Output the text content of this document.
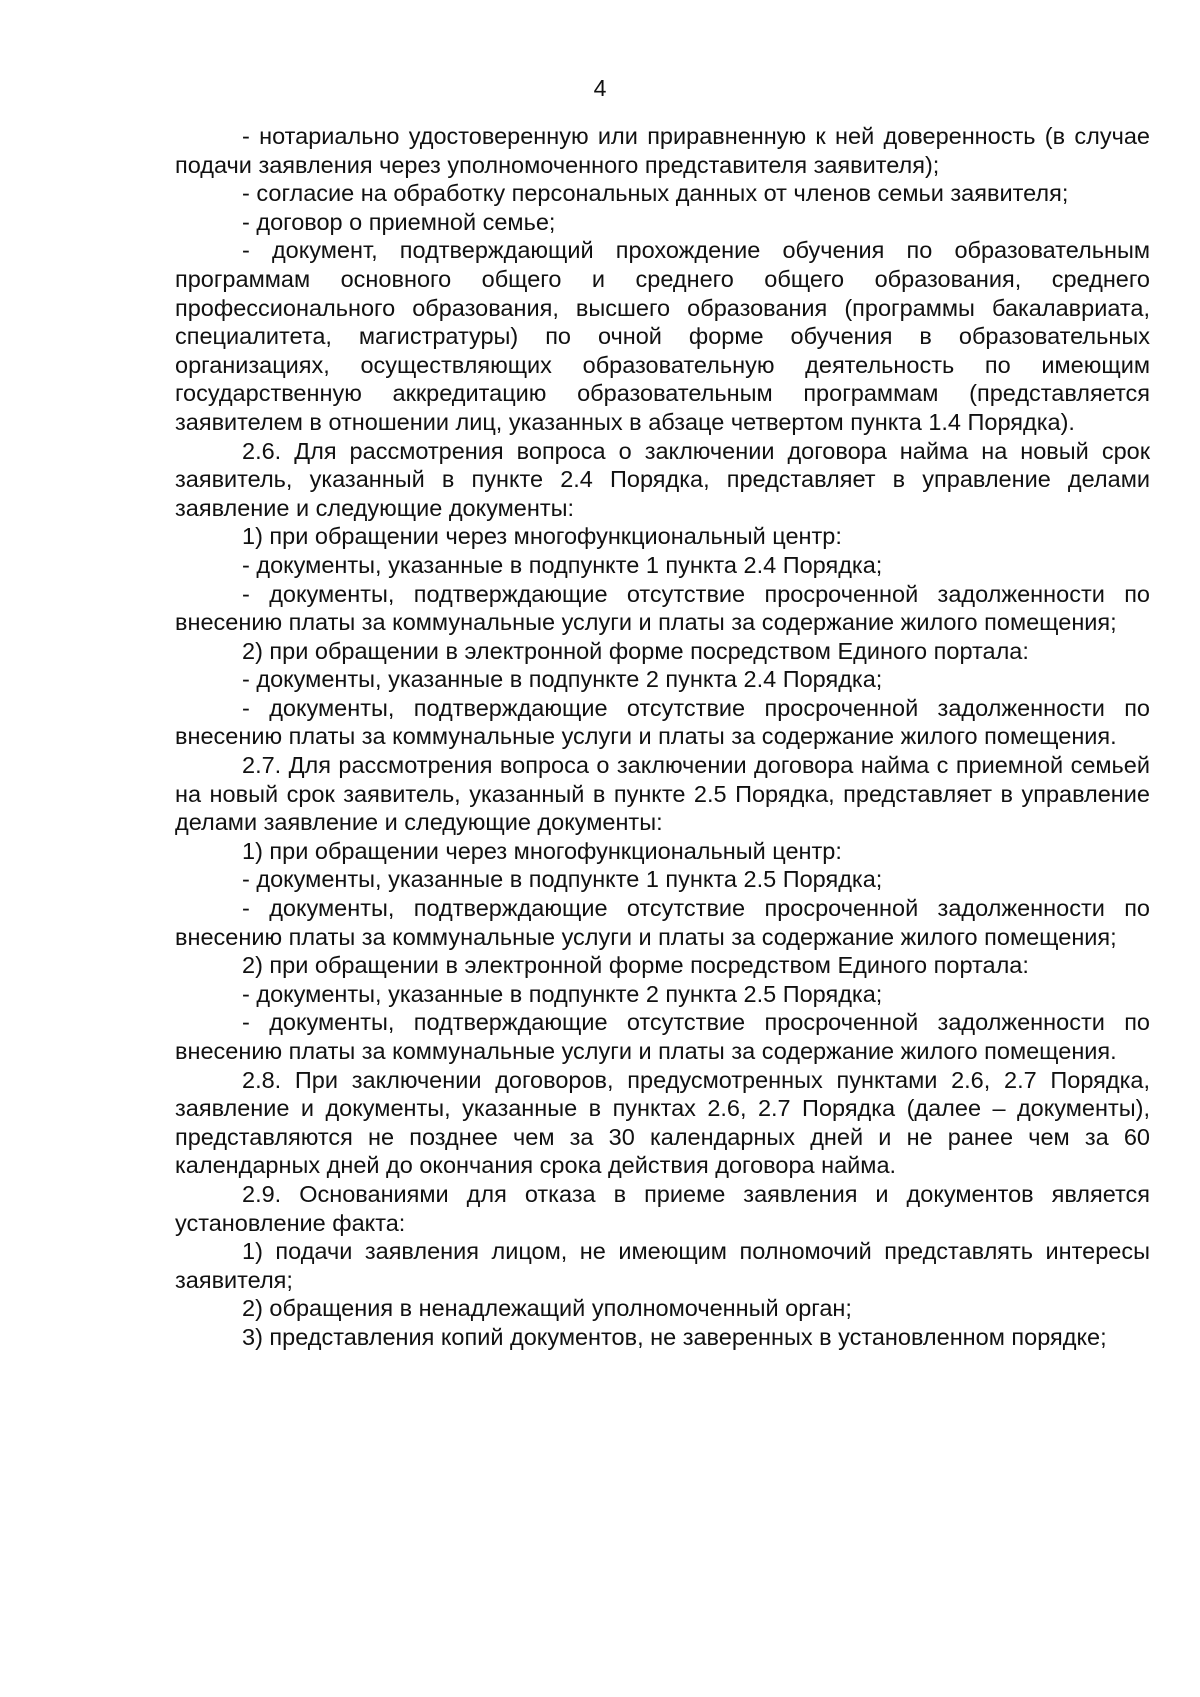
4

- нотариально удостоверенную или приравненную к ней доверенность (в случае подачи заявления через уполномоченного представителя заявителя);

- согласие на обработку персональных данных от членов семьи заявителя;

- договор о приемной семье;

- документ, подтверждающий прохождение обучения по образовательным программам основного общего и среднего общего образования, среднего профессионального образования, высшего образования (программы бакалавриата, специалитета, магистратуры) по очной форме обучения в образовательных организациях, осуществляющих образовательную деятельность по имеющим государственную аккредитацию образовательным программам (представляется заявителем в отношении лиц, указанных в абзаце четвертом пункта 1.4 Порядка).

2.6. Для рассмотрения вопроса о заключении договора найма на новый срок заявитель, указанный в пункте 2.4 Порядка, представляет в управление делами заявление и следующие документы:

1) при обращении через многофункциональный центр:

- документы, указанные в подпункте 1 пункта 2.4 Порядка;

- документы, подтверждающие отсутствие просроченной задолженности по внесению платы за коммунальные услуги и платы за содержание жилого помещения;

2) при обращении в электронной форме посредством Единого портала:

- документы, указанные в подпункте 2 пункта 2.4 Порядка;

- документы, подтверждающие отсутствие просроченной задолженности по внесению платы за коммунальные услуги и платы за содержание жилого помещения.

2.7. Для рассмотрения вопроса о заключении договора найма с приемной семьей на новый срок заявитель, указанный в пункте 2.5 Порядка, представляет в управление делами заявление и следующие документы:

1) при обращении через многофункциональный центр:

- документы, указанные в подпункте 1 пункта 2.5 Порядка;

- документы, подтверждающие отсутствие просроченной задолженности по внесению платы за коммунальные услуги и платы за содержание жилого помещения;

2) при обращении в электронной форме посредством Единого портала:

- документы, указанные в подпункте 2 пункта 2.5 Порядка;

- документы, подтверждающие отсутствие просроченной задолженности по внесению платы за коммунальные услуги и платы за содержание жилого помещения.

2.8. При заключении договоров, предусмотренных пунктами 2.6, 2.7 Порядка, заявление и документы, указанные в пунктах 2.6, 2.7 Порядка (далее – документы), представляются не позднее чем за 30 календарных дней и не ранее чем за 60 календарных дней до окончания срока действия договора найма.

2.9. Основаниями для отказа в приеме заявления и документов является установление факта:

1) подачи заявления лицом, не имеющим полномочий представлять интересы заявителя;

2) обращения в ненадлежащий уполномоченный орган;

3) представления копий документов, не заверенных в установленном порядке;
